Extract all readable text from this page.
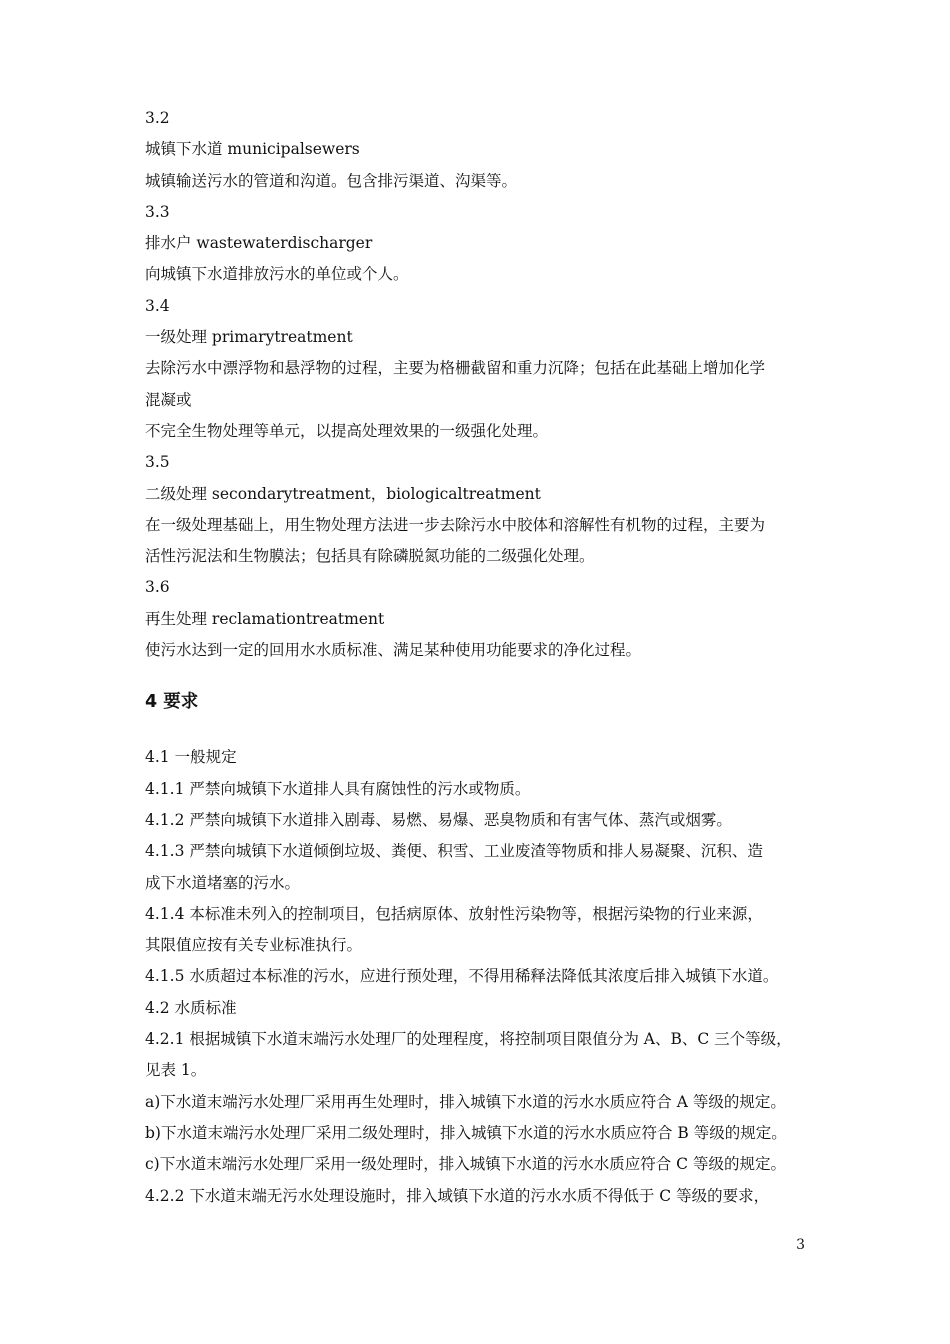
3.2
城镇下水道 municipalsewers
城镇输送污水的管道和沟道。包含排污渠道、沟渠等。
3.3
排水户 wastewaterdischarger
向城镇下水道排放污水的单位或个人。
3.4
一级处理 primarytreatment
去除污水中漂浮物和悬浮物的过程，主要为格栅截留和重力沉降；包括在此基础上增加化学
混凝或
不完全生物处理等单元，以提高处理效果的一级强化处理。
3.5
二级处理 secondarytreatment，biologicaltreatment
在一级处理基础上，用生物处理方法进一步去除污水中胶体和溶解性有机物的过程，主要为
活性污泥法和生物膜法；包括具有除磷脱氮功能的二级强化处理。
3.6
再生处理 reclamationtreatment
使污水达到一定的回用水水质标准、满足某种使用功能要求的净化过程。
4 要求
4.1 一般规定
4.1.1 严禁向城镇下水道排人具有腐蚀性的污水或物质。
4.1.2 严禁向城镇下水道排入剧毒、易燃、易爆、恶臭物质和有害气体、蒸汽或烟雾。
4.1.3 严禁向城镇下水道倾倒垃圾、粪便、积雪、工业废渣等物质和排人易凝聚、沉积、造
成下水道堵塞的污水。
4.1.4 本标准未列入的控制项目，包括病原体、放射性污染物等，根据污染物的行业来源，
其限值应按有关专业标准执行。
4.1.5 水质超过本标准的污水，应进行预处理，不得用稀释法降低其浓度后排入城镇下水道。
4.2 水质标准
4.2.1 根据城镇下水道末端污水处理厂的处理程度，将控制项目限值分为 A、B、C 三个等级，
见表 1。
a)下水道末端污水处理厂采用再生处理时，排入城镇下水道的污水水质应符合 A 等级的规定。
b)下水道末端污水处理厂采用二级处理时，排入城镇下水道的污水水质应符合 B 等级的规定。
c)下水道末端污水处理厂采用一级处理时，排入城镇下水道的污水水质应符合 C 等级的规定。
4.2.2 下水道末端无污水处理设施时，排入域镇下水道的污水水质不得低于 C 等级的要求，
3
